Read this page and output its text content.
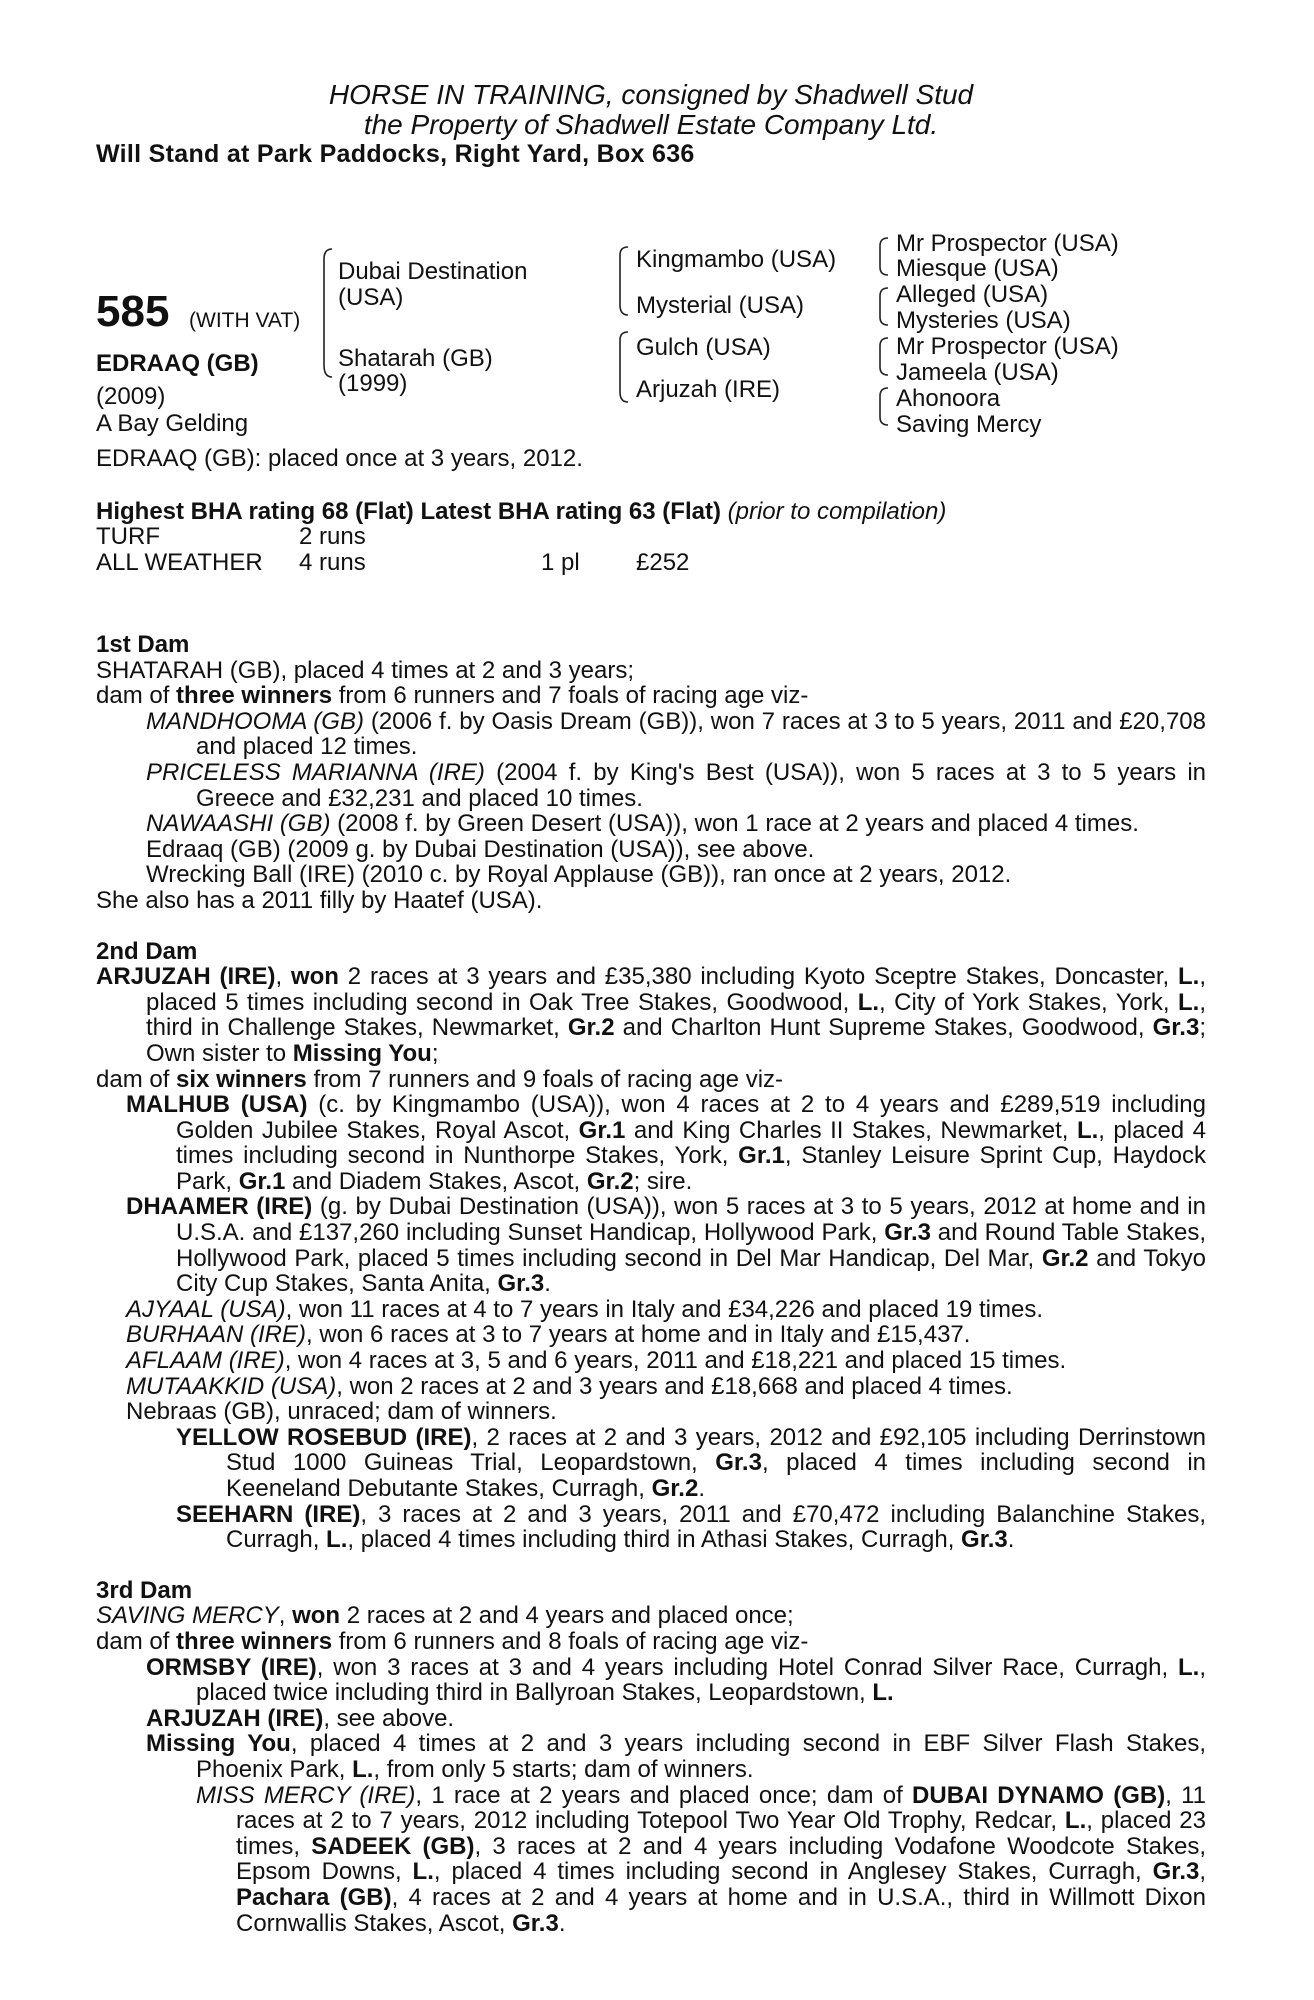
HORSE IN TRAINING, consigned by Shadwell Stud
the Property of Shadwell Estate Company Ltd.
Will Stand at Park Paddocks, Right Yard, Box 636
585 (WITH VAT)
EDRAAQ (GB)
(2009)
A Bay Gelding
Dubai Destination
(USA)
Shatarah (GB)
(1999)
Kingmambo (USA)
Mysterial (USA)
Gulch (USA)
Arjuzah (IRE)
Mr Prospector (USA)
Miesque (USA)
Alleged (USA)
Mysteries (USA)
Mr Prospector (USA)
Jameela (USA)
Ahonoora
Saving Mercy
EDRAAQ (GB): placed once at 3 years, 2012.
Highest BHA rating 68 (Flat) Latest BHA rating 63 (Flat) (prior to compilation)
TURF	2 runs
ALL WEATHER 4 runs	1 pl £252

1st Dam

SHATARAH (GB), placed 4 times at 2 and 3 years;

dam of three winners from 6 runners and 7 foals of racing age viz-

MANDHOOMA (GB) (2006 f. by Oasis Dream (GB)), won 7 races at 3 to 5 years, 2011 and £20,708 and placed 12 times.

PRICELESS MARIANNA (IRE) (2004 f. by King's Best (USA)), won 5 races at 3 to 5 years in Greece and £32,231 and placed 10 times.

NAWAASHI (GB) (2008 f. by Green Desert (USA)), won 1 race at 2 years and placed 4 times.

Edraaq (GB) (2009 g. by Dubai Destination (USA)), see above.

Wrecking Ball (IRE) (2010 c. by Royal Applause (GB)), ran once at 2 years, 2012.

She also has a 2011 filly by Haatef (USA).

2nd Dam

ARJUZAH (IRE), won 2 races at 3 years and £35,380 including Kyoto Sceptre Stakes, Doncaster, L., placed 5 times including second in Oak Tree Stakes, Goodwood, L., City of York Stakes, York, L., third in Challenge Stakes, Newmarket, Gr.2 and Charlton Hunt Supreme Stakes, Goodwood, Gr.3; Own sister to Missing You;

dam of six winners from 7 runners and 9 foals of racing age viz-

MALHUB (USA) (c. by Kingmambo (USA)), won 4 races at 2 to 4 years and £289,519 including Golden Jubilee Stakes, Royal Ascot, Gr.1 and King Charles II Stakes, Newmarket, L., placed 4 times including second in Nunthorpe Stakes, York, Gr.1, Stanley Leisure Sprint Cup, Haydock Park, Gr.1 and Diadem Stakes, Ascot, Gr.2; sire.

DHAAMER (IRE) (g. by Dubai Destination (USA)), won 5 races at 3 to 5 years, 2012 at home and in U.S.A. and £137,260 including Sunset Handicap, Hollywood Park, Gr.3 and Round Table Stakes, Hollywood Park, placed 5 times including second in Del Mar Handicap, Del Mar, Gr.2 and Tokyo City Cup Stakes, Santa Anita, Gr.3.

AJYAAL (USA), won 11 races at 4 to 7 years in Italy and £34,226 and placed 19 times.

BURHAAN (IRE), won 6 races at 3 to 7 years at home and in Italy and £15,437.

AFLAAM (IRE), won 4 races at 3, 5 and 6 years, 2011 and £18,221 and placed 15 times.

MUTAAKKID (USA), won 2 races at 2 and 3 years and £18,668 and placed 4 times.

Nebraas (GB), unraced; dam of winners.

YELLOW ROSEBUD (IRE), 2 races at 2 and 3 years, 2012 and £92,105 including Derrinstown Stud 1000 Guineas Trial, Leopardstown, Gr.3, placed 4 times including second in Keeneland Debutante Stakes, Curragh, Gr.2.

SEEHARN (IRE), 3 races at 2 and 3 years, 2011 and £70,472 including Balanchine Stakes, Curragh, L., placed 4 times including third in Athasi Stakes, Curragh, Gr.3.

3rd Dam

SAVING MERCY, won 2 races at 2 and 4 years and placed once;

dam of three winners from 6 runners and 8 foals of racing age viz-

ORMSBY (IRE), won 3 races at 3 and 4 years including Hotel Conrad Silver Race, Curragh, L., placed twice including third in Ballyroan Stakes, Leopardstown, L.

ARJUZAH (IRE), see above.

Missing You, placed 4 times at 2 and 3 years including second in EBF Silver Flash Stakes, Phoenix Park, L., from only 5 starts; dam of winners.

MISS MERCY (IRE), 1 race at 2 years and placed once; dam of DUBAI DYNAMO (GB), 11 races at 2 to 7 years, 2012 including Totepool Two Year Old Trophy, Redcar, L., placed 23 times, SADEEK (GB), 3 races at 2 and 4 years including Vodafone Woodcote Stakes, Epsom Downs, L., placed 4 times including second in Anglesey Stakes, Curragh, Gr.3, Pachara (GB), 4 races at 2 and 4 years at home and in U.S.A., third in Willmott Dixon Cornwallis Stakes, Ascot, Gr.3.
